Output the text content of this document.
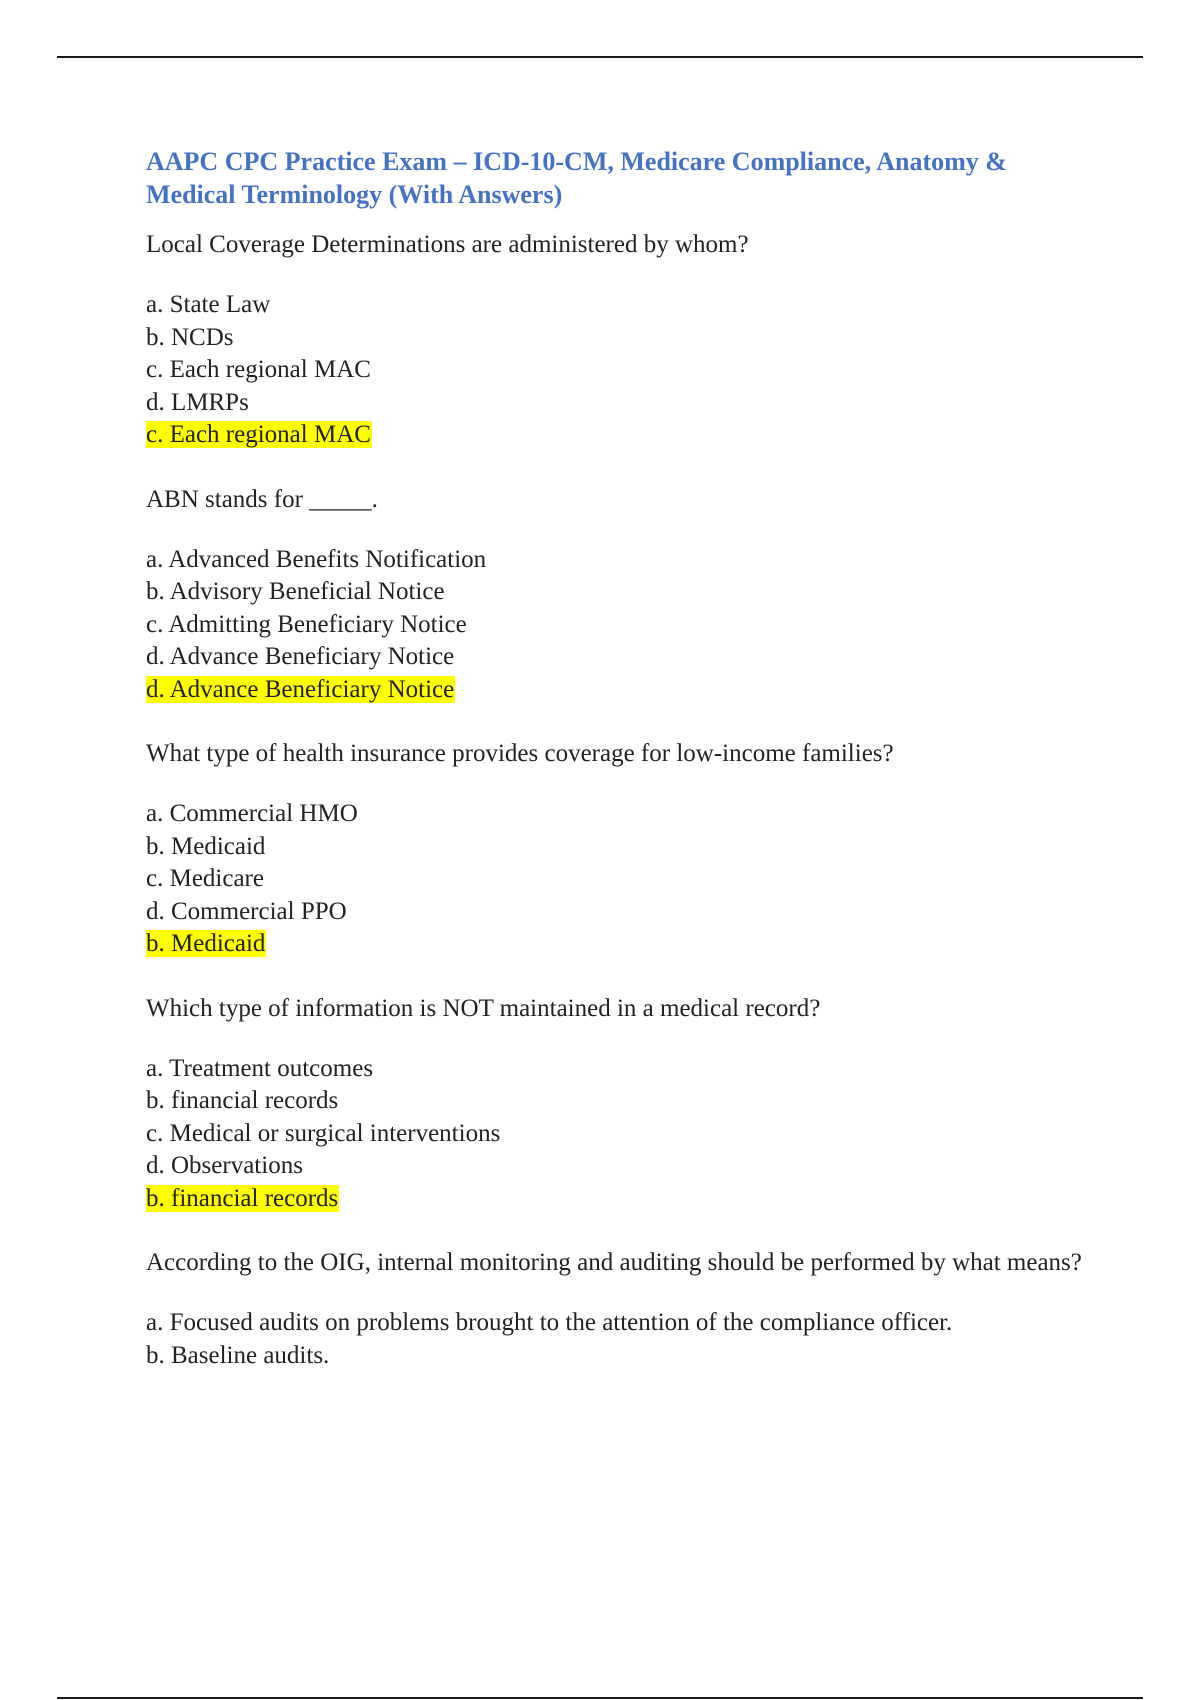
AAPC CPC Practice Exam – ICD-10-CM, Medicare Compliance, Anatomy & Medical Terminology (With Answers)

Local Coverage Determinations are administered by whom?

a. State Law
b. NCDs
c. Each regional MAC
d. LMRPs

c. Each regional MAC

ABN stands for _____.

a. Advanced Benefits Notification
b. Advisory Beneficial Notice
c. Admitting Beneficiary Notice
d. Advance Beneficiary Notice

d. Advance Beneficiary Notice

What type of health insurance provides coverage for low-income families?

a. Commercial HMO
b. Medicaid
c. Medicare
d. Commercial PPO

b. Medicaid

Which type of information is NOT maintained in a medical record?

a. Treatment outcomes
b. financial records
c. Medical or surgical interventions
d. Observations

b. financial records

According to the OIG, internal monitoring and auditing should be performed by what means?

a. Focused audits on problems brought to the attention of the compliance officer.
b. Baseline audits.
